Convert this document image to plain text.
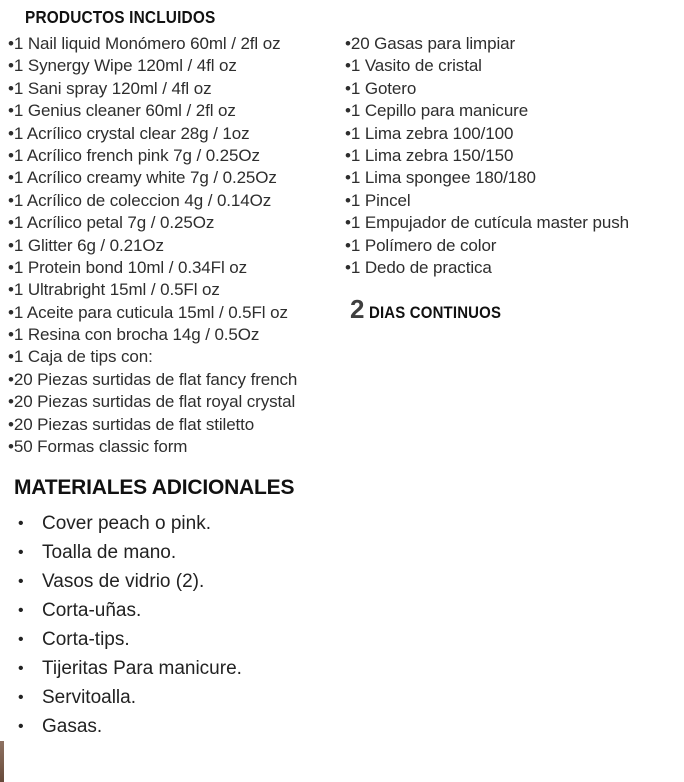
PRODUCTOS INCLUIDOS
•1 Nail liquid Monómero 60ml / 2fl oz
•1 Synergy Wipe 120ml / 4fl oz
•1 Sani spray 120ml / 4fl oz
•1 Genius cleaner 60ml / 2fl oz
•1 Acrílico crystal clear 28g / 1oz
•1 Acrílico french pink 7g / 0.25Oz
•1 Acrílico creamy white 7g / 0.25Oz
•1 Acrílico de coleccion 4g / 0.14Oz
•1 Acrílico petal 7g / 0.25Oz
•1 Glitter 6g / 0.21Oz
•1 Protein bond 10ml / 0.34Fl oz
•1 Ultrabright 15ml / 0.5Fl oz
•1 Aceite para cuticula 15ml / 0.5Fl oz
•1 Resina con brocha 14g / 0.5Oz
•1 Caja de tips con:
•20 Piezas surtidas de flat fancy french
•20 Piezas surtidas de flat royal crystal
•20 Piezas surtidas de flat stiletto
•50 Formas classic form
•20 Gasas para limpiar
•1 Vasito de cristal
•1 Gotero
•1 Cepillo para manicure
•1 Lima zebra 100/100
•1 Lima zebra 150/150
•1 Lima spongee 180/180
•1 Pincel
•1 Empujador de cutícula master push
•1 Polímero de color
•1 Dedo de practica
2 DIAS CONTINUOS
MATERIALES ADICIONALES
• Cover peach o pink.
• Toalla de mano.
• Vasos de vidrio (2).
• Corta-uñas.
• Corta-tips.
• Tijeritas Para manicure.
• Servitoalla.
• Gasas.
